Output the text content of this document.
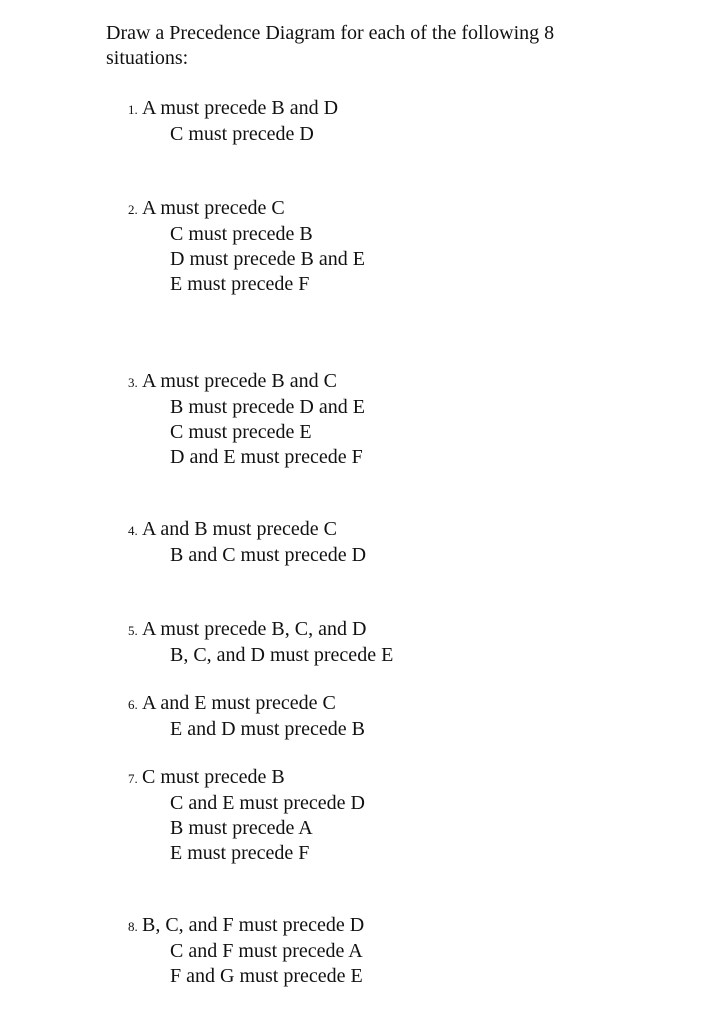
Draw a Precedence Diagram for each of the following 8 situations:

1. A must precede B and D
C must precede D
2. A must precede C
C must precede B
D must precede B and E
E must precede F
3. A must precede B and C
B must precede D and E
C must precede E
D and E must precede F
4. A and B must precede C
B and C must precede D
5. A must precede B, C, and D
B, C, and D must precede E
6. A and E must precede C
E and D must precede B
7. C must precede B
C and E must precede D
B must precede A
E must precede F
8. B, C, and F must precede D
C and F must precede A
F and G must precede E
